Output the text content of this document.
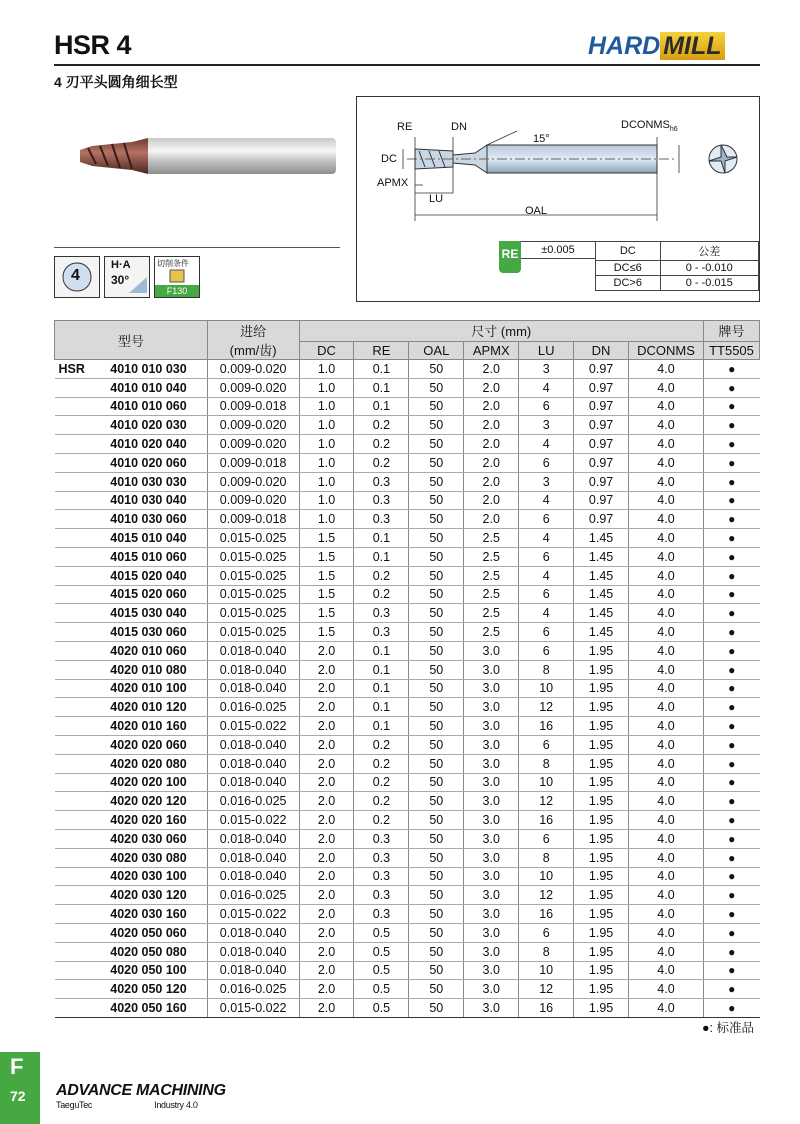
HSR 4	HARD MILL
4 刃平头圆角细长型
4
H·A
30°
切削条件
F130
RE	DN
15°
$DCONMS_{h6}$
DC
APMX
LU
OAL
RE	±0.005	DC	公差
DC≤6	0 - -0.010
DC>6	0 - -0.015
型号	进给
(mm/齿)	尺寸 (mm)							牌号
		DC	RE	OAL	APMX	LU	DN	DCONMS	TT5505

HSR 4010 010 030	0.009-0.020	1.0	0.1	50	2.0	3	0.97	4.0	●
4010 010 040	0.009-0.020	1.0	0.1	50	2.0	4	0.97	4.0	●
4010 010 060	0.009-0.018	1.0	0.1	50	2.0	6	0.97	4.0	●
4010 020 030	0.009-0.020	1.0	0.2	50	2.0	3	0.97	4.0	●
4010 020 040	0.009-0.020	1.0	0.2	50	2.0	4	0.97	4.0	●
4010 020 060	0.009-0.018	1.0	0.2	50	2.0	6	0.97	4.0	●
4010 030 030	0.009-0.020	1.0	0.3	50	2.0	3	0.97	4.0	●
4010 030 040	0.009-0.020	1.0	0.3	50	2.0	4	0.97	4.0	●
4010 030 060	0.009-0.018	1.0	0.3	50	2.0	6	0.97	4.0	●
4015 010 040	0.015-0.025	1.5	0.1	50	2.5	4	1.45	4.0	●
4015 010 060	0.015-0.025	1.5	0.1	50	2.5	6	1.45	4.0	●
4015 020 040	0.015-0.025	1.5	0.2	50	2.5	4	1.45	4.0	●
4015 020 060	0.015-0.025	1.5	0.2	50	2.5	6	1.45	4.0	●
4015 030 040	0.015-0.025	1.5	0.3	50	2.5	4	1.45	4.0	●
4015 030 060	0.015-0.025	1.5	0.3	50	2.5	6	1.45	4.0	●
4020 010 060	0.018-0.040	2.0	0.1	50	3.0	6	1.95	4.0	●
4020 010 080	0.018-0.040	2.0	0.1	50	3.0	8	1.95	4.0	●
4020 010 100	0.018-0.040	2.0	0.1	50	3.0	10	1.95	4.0	●
4020 010 120	0.016-0.025	2.0	0.1	50	3.0	12	1.95	4.0	●
4020 010 160	0.015-0.022	2.0	0.1	50	3.0	16	1.95	4.0	●
4020 020 060	0.018-0.040	2.0	0.2	50	3.0	6	1.95	4.0	●
4020 020 080	0.018-0.040	2.0	0.2	50	3.0	8	1.95	4.0	●
4020 020 100	0.018-0.040	2.0	0.2	50	3.0	10	1.95	4.0	●
4020 020 120	0.016-0.025	2.0	0.2	50	3.0	12	1.95	4.0	●
4020 020 160	0.015-0.022	2.0	0.2	50	3.0	16	1.95	4.0	●
4020 030 060	0.018-0.040	2.0	0.3	50	3.0	6	1.95	4.0	●
4020 030 080	0.018-0.040	2.0	0.3	50	3.0	8	1.95	4.0	●
4020 030 100	0.018-0.040	2.0	0.3	50	3.0	10	1.95	4.0	●
4020 030 120	0.016-0.025	2.0	0.3	50	3.0	12	1.95	4.0	●
4020 030 160	0.015-0.022	2.0	0.3	50	3.0	16	1.95	4.0	●
4020 050 060	0.018-0.040	2.0	0.5	50	3.0	6	1.95	4.0	●
4020 050 080	0.018-0.040	2.0	0.5	50	3.0	8	1.95	4.0	●
4020 050 100	0.018-0.040	2.0	0.5	50	3.0	10	1.95	4.0	●
4020 050 120	0.016-0.025	2.0	0.5	50	3.0	12	1.95	4.0	●
4020 050 160	0.015-0.022	2.0	0.5	50	3.0	16	1.95	4.0	●
●: 标准品
F
72 ADVANCE MACHINING
TaeguTec	Industry 4.0
